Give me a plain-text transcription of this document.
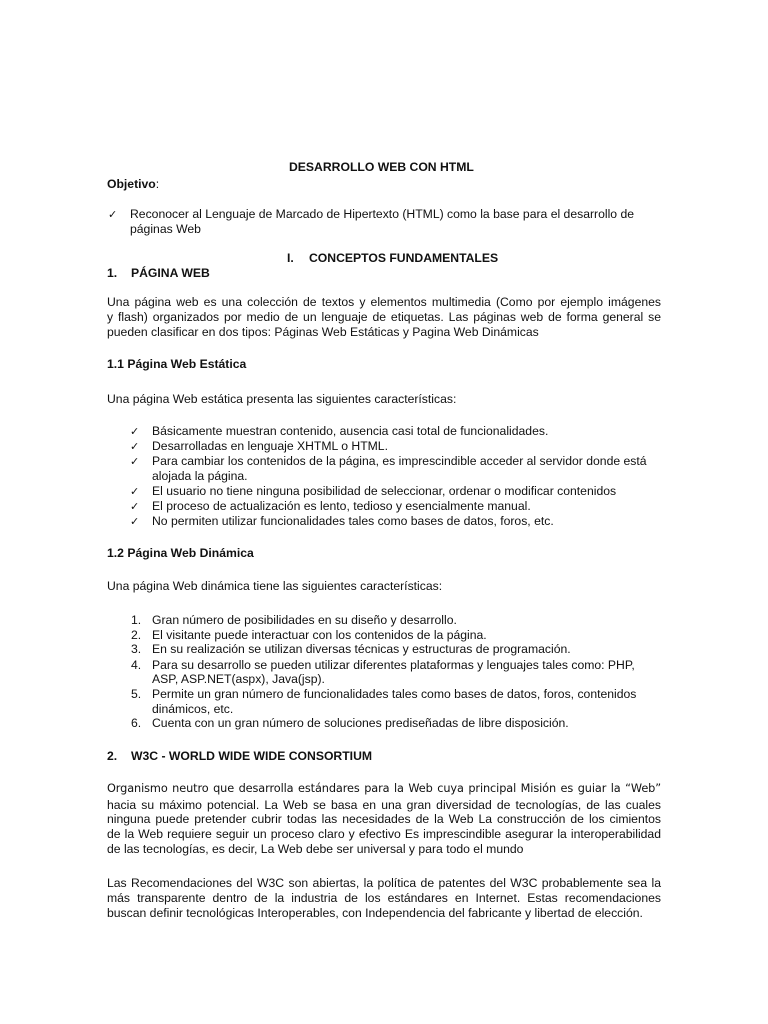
DESARROLLO WEB CON HTML
Objetivo:
✓ Reconocer al Lenguaje de Marcado de Hipertexto (HTML) como la base para el desarrollo de
páginas Web
I. CONCEPTOS FUNDAMENTALES
1. PÁGINA WEB
Una página web es una colección de textos y elementos multimedia (Como por ejemplo imágenes
y flash) organizados por medio de un lenguaje de etiquetas. Las páginas web de forma general se
pueden clasificar en dos tipos: Páginas Web Estáticas y Pagina Web Dinámicas
1.1 Página Web Estática
Una página Web estática presenta las siguientes características:
✓ Básicamente muestran contenido, ausencia casi total de funcionalidades.
✓ Desarrolladas en lenguaje XHTML o HTML.
✓ Para cambiar los contenidos de la página, es imprescindible acceder al servidor donde está
alojada la página.
✓ El usuario no tiene ninguna posibilidad de seleccionar, ordenar o modificar contenidos
✓ El proceso de actualización es lento, tedioso y esencialmente manual.
✓ No permiten utilizar funcionalidades tales como bases de datos, foros, etc.
1.2 Página Web Dinámica
Una página Web dinámica tiene las siguientes características:
1. Gran número de posibilidades en su diseño y desarrollo.
2. El visitante puede interactuar con los contenidos de la página.
3. En su realización se utilizan diversas técnicas y estructuras de programación.
4. Para su desarrollo se pueden utilizar diferentes plataformas y lenguajes tales como: PHP,
ASP, ASP.NET(aspx), Java(jsp).
5. Permite un gran número de funcionalidades tales como bases de datos, foros, contenidos
dinámicos, etc.
6. Cuenta con un gran número de soluciones prediseñadas de libre disposición.
2. W3C - WORLD WIDE WIDE CONSORTIUM
Organismo neutro que desarrolla estándares para la Web cuya principal Misión es guiar la “Web”
hacia su máximo potencial. La Web se basa en una gran diversidad de tecnologías, de las cuales
ninguna puede pretender cubrir todas las necesidades de la Web La construcción de los cimientos
de la Web requiere seguir un proceso claro y efectivo Es imprescindible asegurar la interoperabilidad
de las tecnologías, es decir, La Web debe ser universal y para todo el mundo
Las Recomendaciones del W3C son abiertas, la política de patentes del W3C probablemente sea la
más transparente dentro de la industria de los estándares en Internet. Estas recomendaciones
buscan definir tecnológicas Interoperables, con Independencia del fabricante y libertad de elección.
